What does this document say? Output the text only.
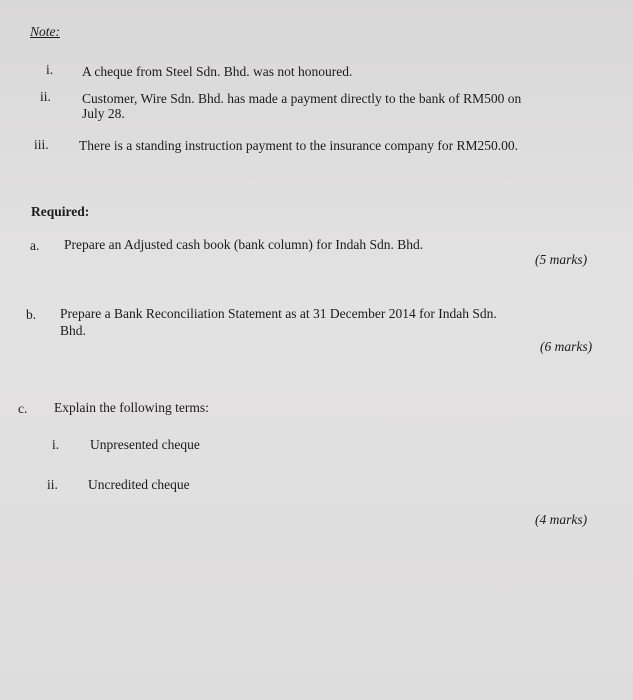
Note:
i. A cheque from Steel Sdn. Bhd. was not honoured.
ii. Customer, Wire Sdn. Bhd. has made a payment directly to the bank of RM500 on
July 28.
iii. There is a standing instruction payment to the insurance company for RM250.00.
Required:
a. Prepare an Adjusted cash book (bank column) for Indah Sdn. Bhd.
(5 marks)
b. Prepare a Bank Reconciliation Statement as at 31 December 2014 for Indah Sdn.
Bhd.
(6 marks)
c. Explain the following terms:
i. Unpresented cheque
ii. Uncredited cheque
(4 marks)
